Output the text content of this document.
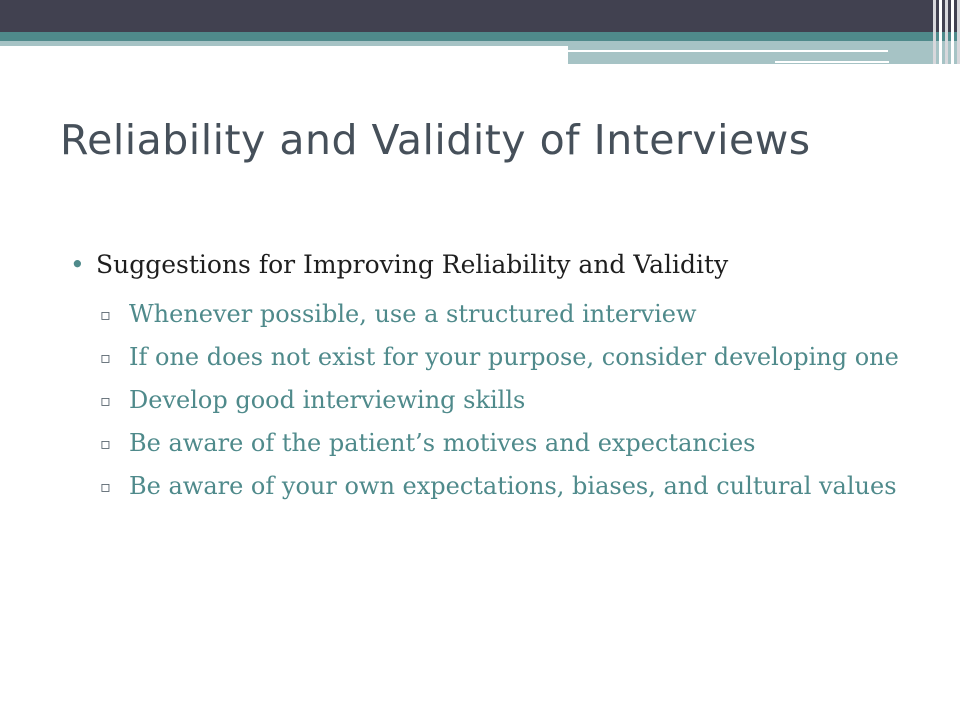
Reliability and Validity of Interviews

• Suggestions for Improving Reliability and Validity

▫ Whenever possible, use a structured interview
▫ If one does not exist for your purpose, consider developing one
▫ Develop good interviewing skills
▫ Be aware of the patient’s motives and expectancies
▫ Be aware of your own expectations, biases, and cultural values
